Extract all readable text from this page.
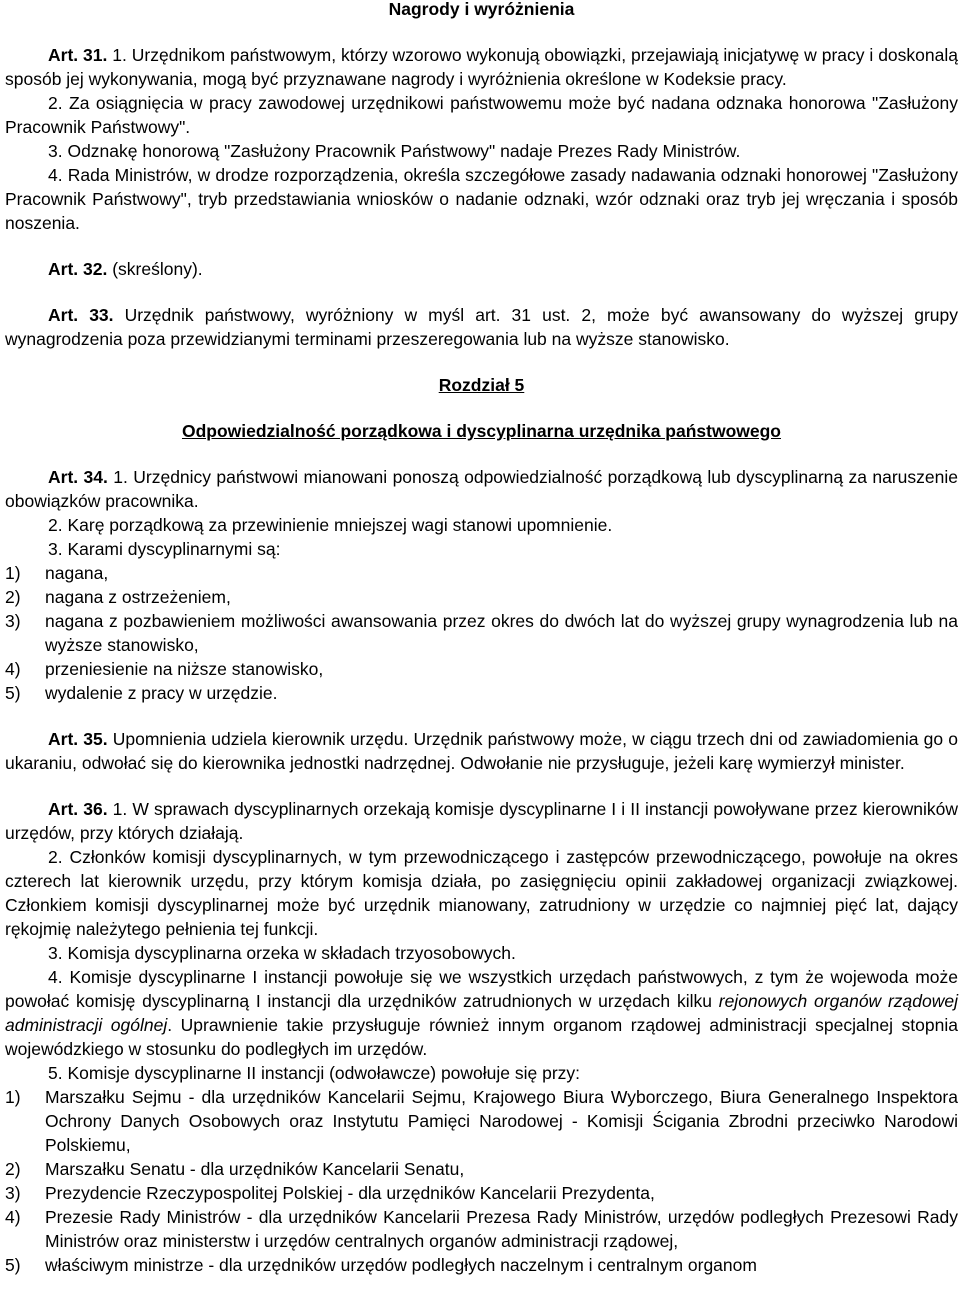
Nagrody i wyróżnienia

Art. 31. 1. Urzędnikom państwowym, którzy wzorowo wykonują obowiązki, przejawiają inicjatywę w pracy i doskonalą sposób jej wykonywania, mogą być przyznawane nagrody i wyróżnienia określone w Kodeksie pracy.

2. Za osiągnięcia w pracy zawodowej urzędnikowi państwowemu może być nadana odznaka honorowa "Zasłużony Pracownik Państwowy".

3. Odznakę honorową "Zasłużony Pracownik Państwowy" nadaje Prezes Rady Ministrów.

4. Rada Ministrów, w drodze rozporządzenia, określa szczegółowe zasady nadawania odznaki honorowej "Zasłużony Pracownik Państwowy", tryb przedstawiania wniosków o nadanie odznaki, wzór odznaki oraz tryb jej wręczania i sposób noszenia.

Art. 32. (skreślony).

Art. 33. Urzędnik państwowy, wyróżniony w myśl art. 31 ust. 2, może być awansowany do wyższej grupy wynagrodzenia poza przewidzianymi terminami przeszeregowania lub na wyższe stanowisko.

Rozdział 5

Odpowiedzialność porządkowa i dyscyplinarna urzędnika państwowego

Art. 34. 1. Urzędnicy państwowi mianowani ponoszą odpowiedzialność porządkową lub dyscyplinarną za naruszenie obowiązków pracownika.

2. Karę porządkową za przewinienie mniejszej wagi stanowi upomnienie.

3. Karami dyscyplinarnymi są:

1) nagana,
2) nagana z ostrzeżeniem,
3) nagana z pozbawieniem możliwości awansowania przez okres do dwóch lat do wyższej grupy wynagrodzenia lub na wyższe stanowisko,
4) przeniesienie na niższe stanowisko,
5) wydalenie z pracy w urzędzie.

Art. 35. Upomnienia udziela kierownik urzędu. Urzędnik państwowy może, w ciągu trzech dni od zawiadomienia go o ukaraniu, odwołać się do kierownika jednostki nadrzędnej. Odwołanie nie przysługuje, jeżeli karę wymierzył minister.

Art. 36. 1. W sprawach dyscyplinarnych orzekają komisje dyscyplinarne I i II instancji powoływane przez kierowników urzędów, przy których działają.

2. Członków komisji dyscyplinarnych, w tym przewodniczącego i zastępców przewodniczącego, powołuje na okres czterech lat kierownik urzędu, przy którym komisja działa, po zasięgnięciu opinii zakładowej organizacji związkowej. Członkiem komisji dyscyplinarnej może być urzędnik mianowany, zatrudniony w urzędzie co najmniej pięć lat, dający rękojmię należytego pełnienia tej funkcji.

3. Komisja dyscyplinarna orzeka w składach trzyosobowych.

4. Komisje dyscyplinarne I instancji powołuje się we wszystkich urzędach państwowych, z tym że wojewoda może powołać komisję dyscyplinarną I instancji dla urzędników zatrudnionych w urzędach kilku rejonowych organów rządowej administracji ogólnej. Uprawnienie takie przysługuje również innym organom rządowej administracji specjalnej stopnia wojewódzkiego w stosunku do podległych im urzędów.

5. Komisje dyscyplinarne II instancji (odwoławcze) powołuje się przy:

1) Marszałku Sejmu - dla urzędników Kancelarii Sejmu, Krajowego Biura Wyborczego, Biura Generalnego Inspektora Ochrony Danych Osobowych oraz Instytutu Pamięci Narodowej - Komisji Ścigania Zbrodni przeciwko Narodowi Polskiemu,
2) Marszałku Senatu - dla urzędników Kancelarii Senatu,
3) Prezydencie Rzeczypospolitej Polskiej - dla urzędników Kancelarii Prezydenta,
4) Prezesie Rady Ministrów - dla urzędników Kancelarii Prezesa Rady Ministrów, urzędów podległych Prezesowi Rady Ministrów oraz ministerstw i urzędów centralnych organów administracji rządowej,
5) właściwym ministrze - dla urzędników urzędów podległych naczelnym i centralnym organom
